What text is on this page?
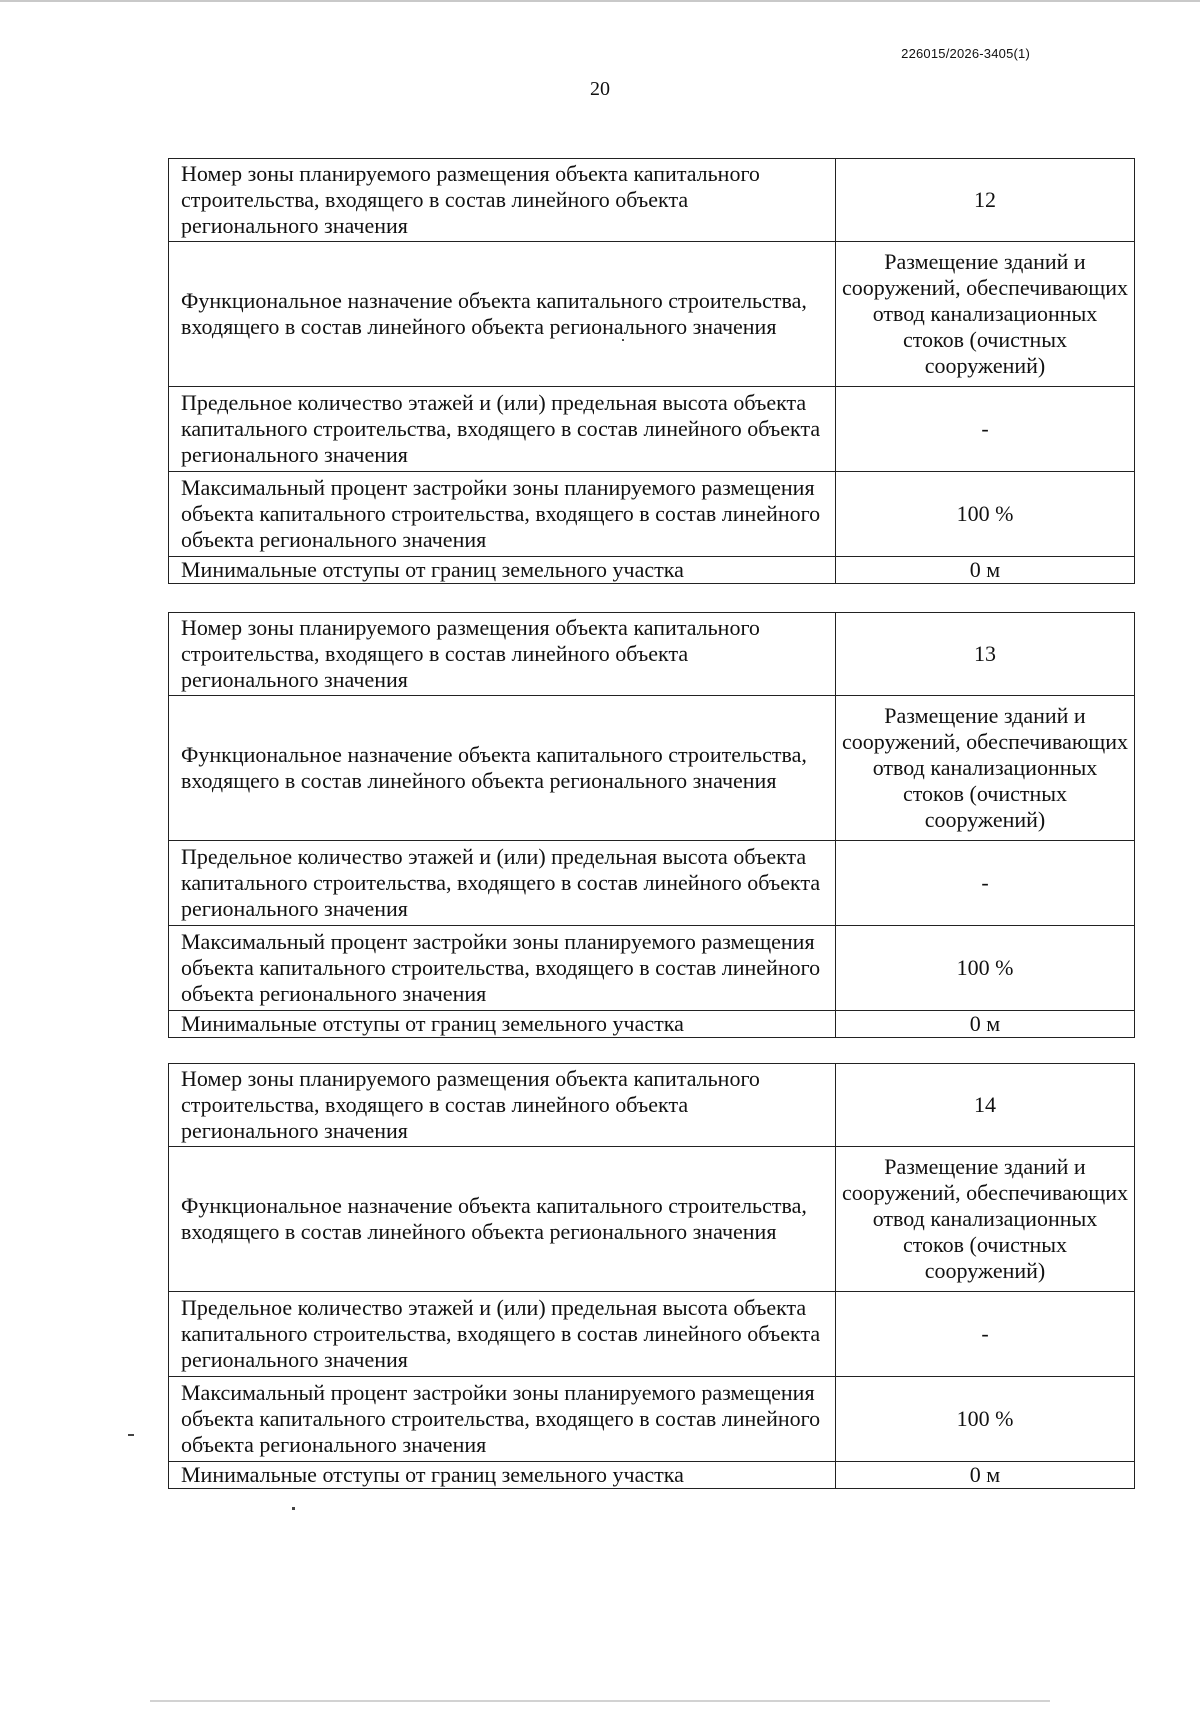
226015/2026-3405(1)
20
Номер зоны планируемого размещения объекта капитального строительства, входящего в состав линейного объекта регионального значения	12
Функциональное назначение объекта капитального строительства, входящего в состав линейного объекта регионального значения	Размещение зданий и сооружений, обеспечивающих отвод канализационных стоков (очистных сооружений)
Предельное количество этажей и (или) предельная высота объекта капитального строительства, входящего в состав линейного объекта регионального значения	-
Максимальный процент застройки зоны планируемого размещения объекта капитального строительства, входящего в состав линейного объекта регионального значения	100 %
Минимальные отступы от границ земельного участка	0 м
Номер зоны планируемого размещения объекта капитального строительства, входящего в состав линейного объекта регионального значения	13
Функциональное назначение объекта капитального строительства, входящего в состав линейного объекта регионального значения	Размещение зданий и сооружений, обеспечивающих отвод канализационных стоков (очистных сооружений)
Предельное количество этажей и (или) предельная высота объекта капитального строительства, входящего в состав линейного объекта регионального значения	-
Максимальный процент застройки зоны планируемого размещения объекта капитального строительства, входящего в состав линейного объекта регионального значения	100 %
Минимальные отступы от границ земельного участка	0 м
Номер зоны планируемого размещения объекта капитального строительства, входящего в состав линейного объекта регионального значения	14
Функциональное назначение объекта капитального строительства, входящего в состав линейного объекта регионального значения	Размещение зданий и сооружений, обеспечивающих отвод канализационных стоков (очистных сооружений)
Предельное количество этажей и (или) предельная высота объекта капитального строительства, входящего в состав линейного объекта регионального значения	-
Максимальный процент застройки зоны планируемого размещения объекта капитального строительства, входящего в состав линейного объекта регионального значения	100 %
Минимальные отступы от границ земельного участка	0 м
